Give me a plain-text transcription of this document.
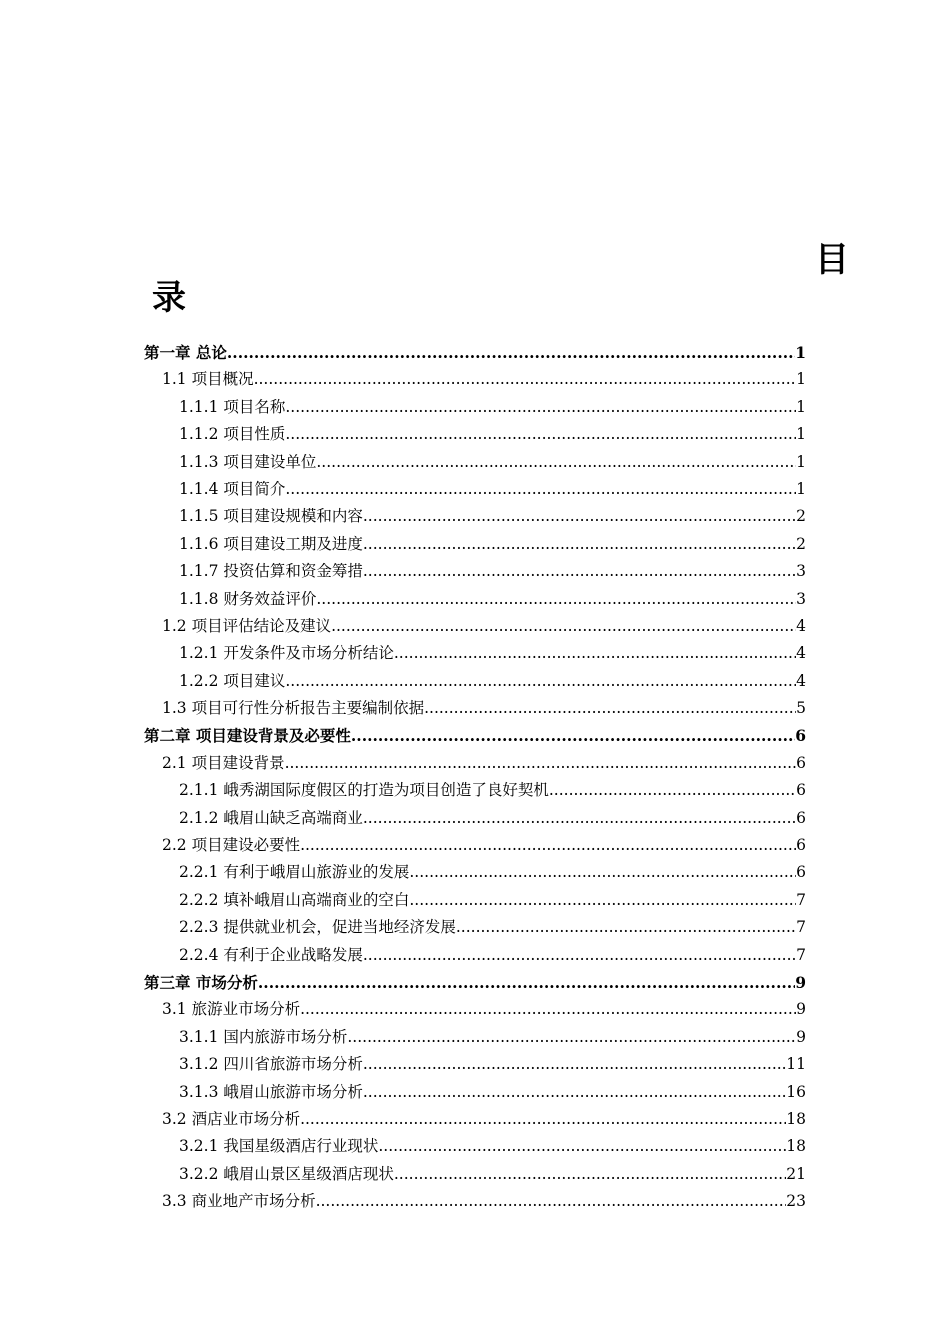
目
录
第一章 总论 .....	1
1.1 项目概况 .....	1
1.1.1 项目名称 .....	1
1.1.2 项目性质 .....	1
1.1.3 项目建设单位 .....	1
1.1.4 项目简介 .....	1
1.1.5 项目建设规模和内容 .....	2
1.1.6 项目建设工期及进度 .....	2
1.1.7 投资估算和资金筹措 .....	3
1.1.8 财务效益评价 .....	3
1.2 项目评估结论及建议 .....	4
1.2.1 开发条件及市场分析结论 .....	4
1.2.2 项目建议 .....	4
1.3 项目可行性分析报告主要编制依据 .....	5
第二章 项目建设背景及必要性 .....	6
2.1 项目建设背景 .....	6
2.1.1 峨秀湖国际度假区的打造为项目创造了良好契机 .....	6
2.1.2 峨眉山缺乏高端商业 .....	6
2.2 项目建设必要性 .....	6
2.2.1 有利于峨眉山旅游业的发展 .....	6
2.2.2 填补峨眉山高端商业的空白 .....	7
2.2.3 提供就业机会，促进当地经济发展 .....	7
2.2.4 有利于企业战略发展 .....	7
第三章 市场分析 .....	9
3.1 旅游业市场分析 .....	9
3.1.1 国内旅游市场分析 .....	9
3.1.2 四川省旅游市场分析 .....	11
3.1.3 峨眉山旅游市场分析 .....	16
3.2 酒店业市场分析 .....	18
3.2.1 我国星级酒店行业现状 .....	18
3.2.2 峨眉山景区星级酒店现状 .....	21
3.3 商业地产市场分析 .....	23
